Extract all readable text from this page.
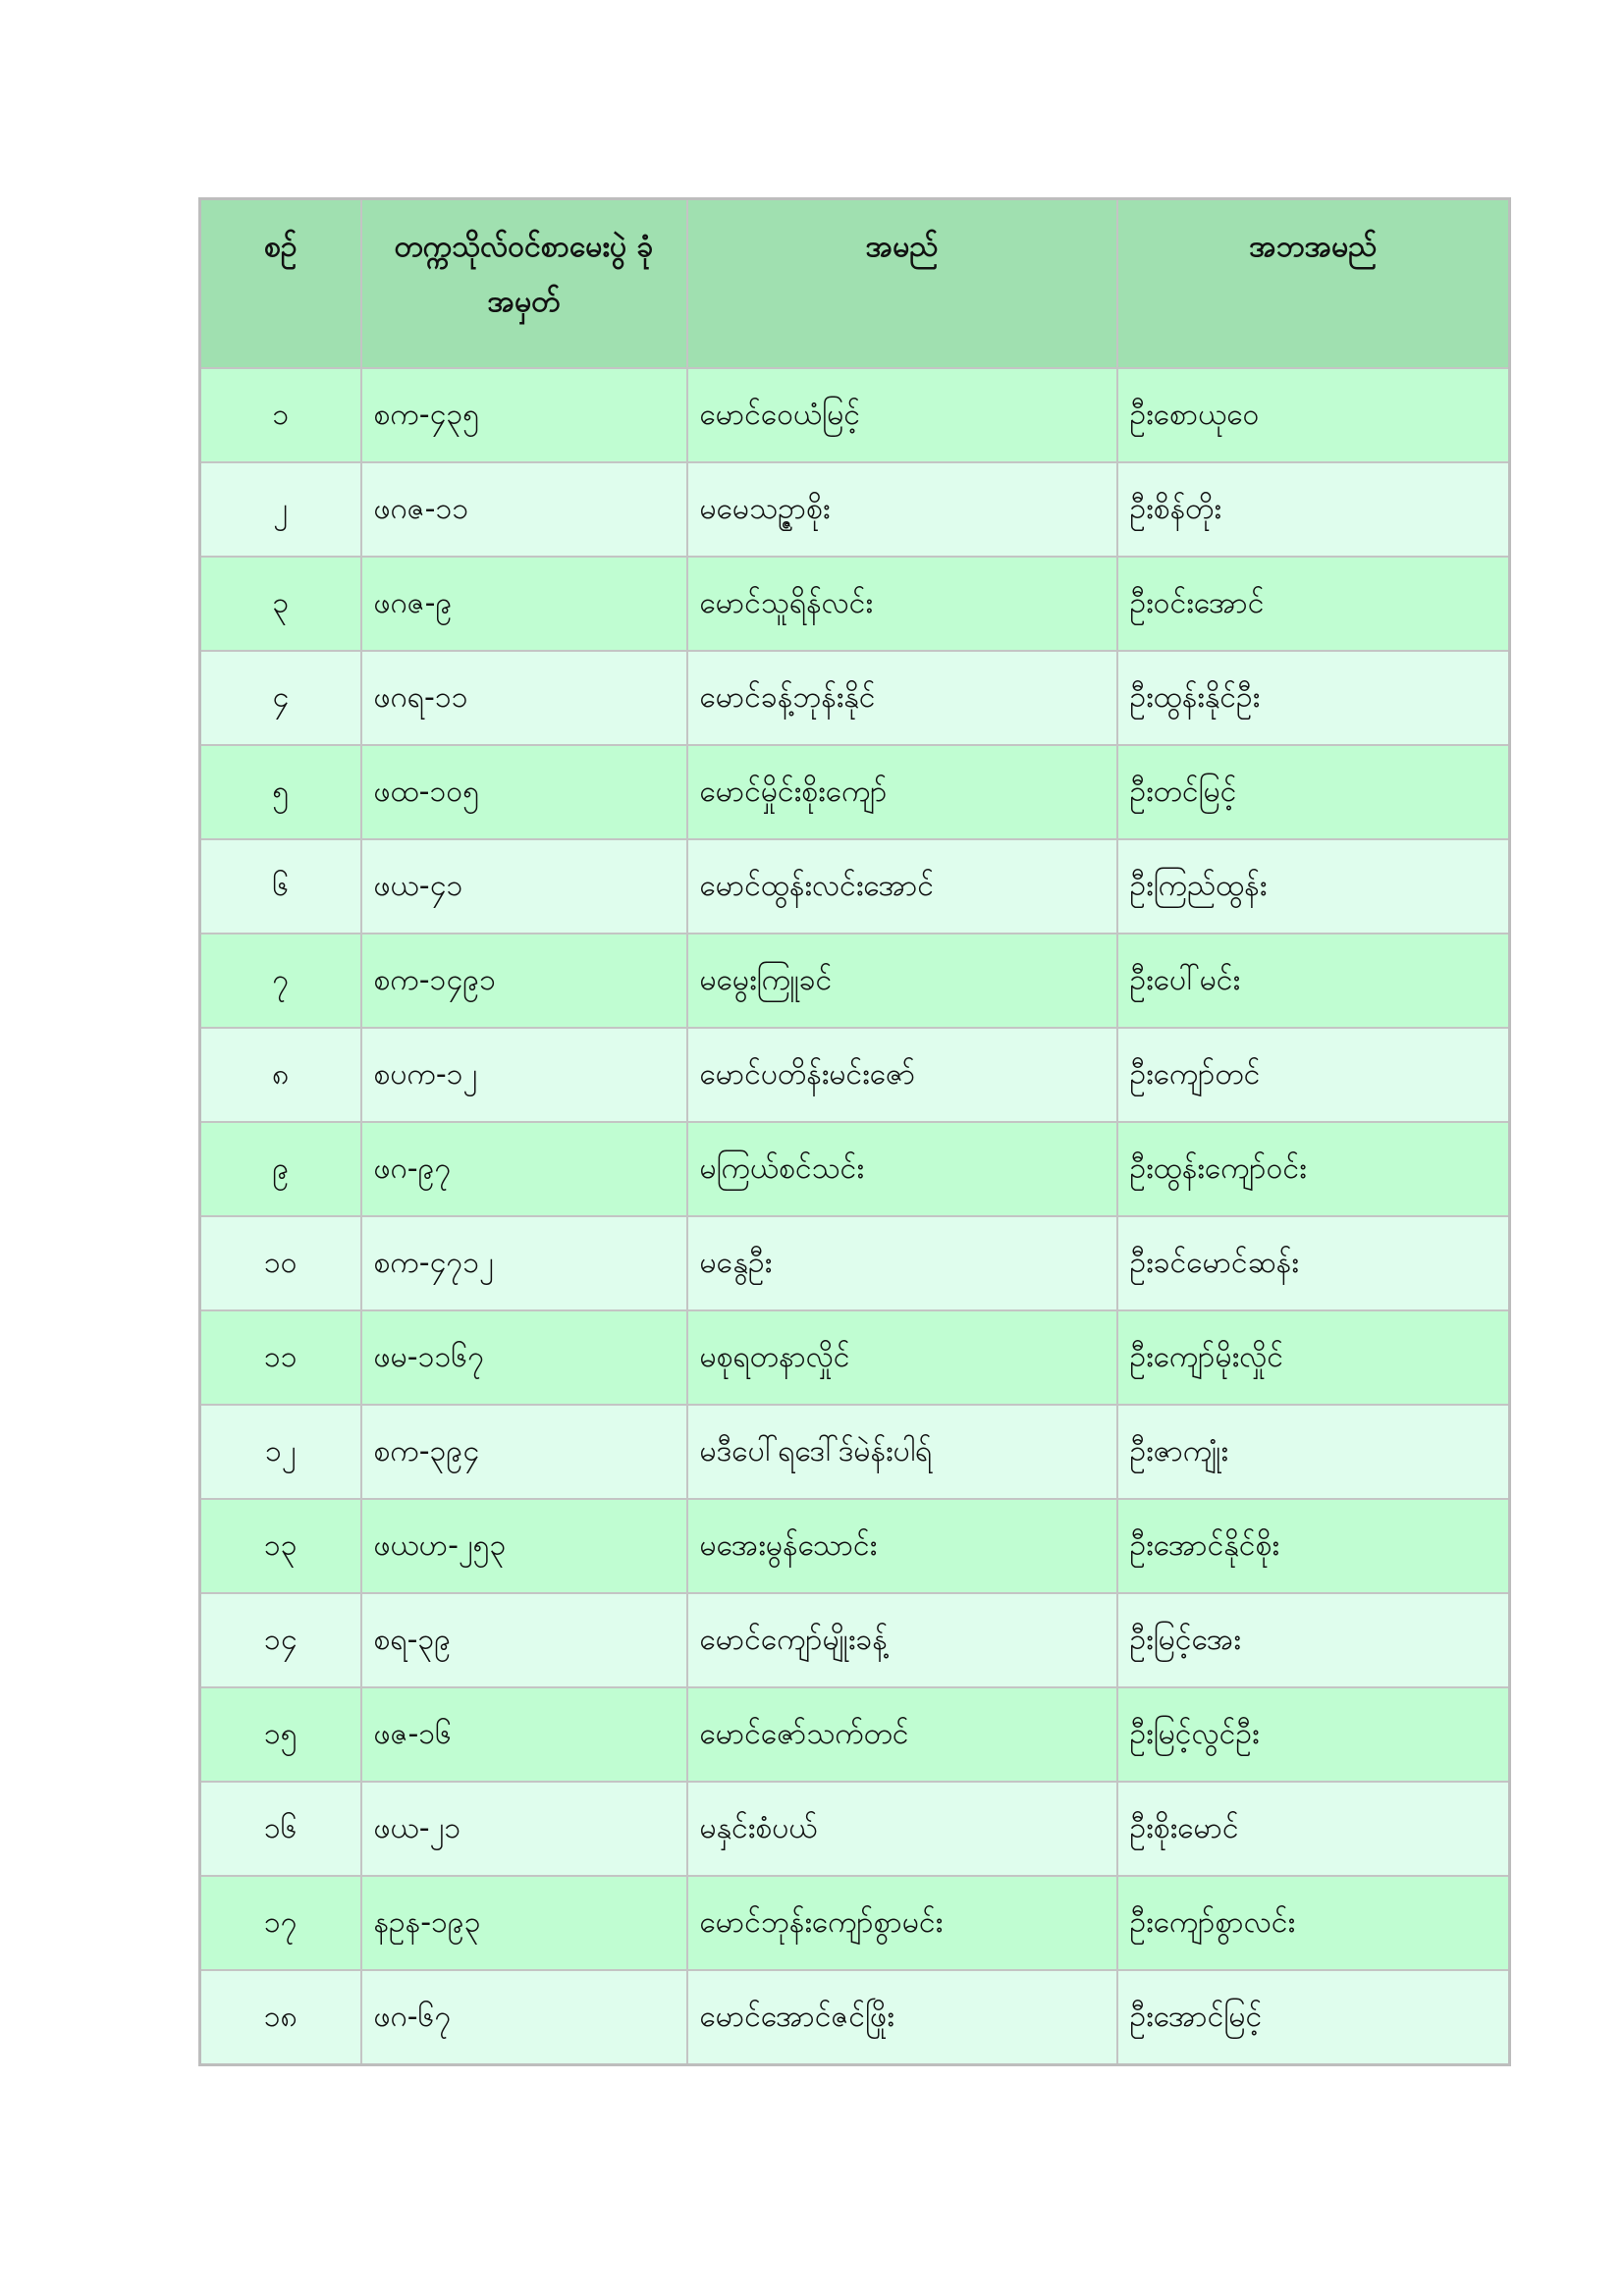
စဉ်	တက္ကသိုလ်ဝင်စာမေးပွဲ ခုံအမှတ်	အမည်	အဘအမည်
၁	စက-၄၃၅	မောင်ဝေယံမြင့်	ဦးစောယုဝေ
၂	ဖဂဇ-၁၁	မမေသဥ္ဇာစိုး	ဦးစိန်တိုး
၃	ဖဂဇ-၉	မောင်သူရိန်လင်း	ဦးဝင်းအောင်
၄	ဖဂရ-၁၁	မောင်ခန့်ဘုန်းနိုင်	ဦးထွန်းနိုင်ဦး
၅	ဖထ-၁၀၅	မောင်မှိုင်းစိုးကျော်	ဦးတင်မြင့်
၆	ဖယ-၄၁	မောင်ထွန်းလင်းအောင်	ဦးကြည်ထွန်း
၇	စက-၁၄၉၁	မမွေးကြူခင်	ဦးပေါ်မင်း
၈	စပက-၁၂	မောင်ပတိန်းမင်းဇော်	ဦးကျော်တင်
၉	ဖဂ-၉၇	မကြယ်စင်သင်း	ဦးထွန်းကျော်ဝင်း
၁၀	စက-၄၇၁၂	မနွေဦး	ဦးခင်မောင်ဆန်း
၁၁	ဖမ-၁၁၆၇	မစုရတနာလှိုင်	ဦးကျော်မိုးလှိုင်
၁၂	စက-၃၉၄	မဒီပေါ်ရဒေါ်ဒ်မဲန်းပါရ်	ဦးဇာကျုံး
၁၃	ဖယဟ-၂၅၃	မအေးမွန်သောင်း	ဦးအောင်နိုင်စိုး
၁၄	စရ-၃၉	မောင်ကျော်မျိုးခန့်	ဦးမြင့်အေး
၁၅	ဖဇ-၁၆	မောင်ဇော်သက်တင်	ဦးမြင့်လွင်ဦး
၁၆	ဖယ-၂၁	မနှင်းစံပယ်	ဦးစိုးမောင်
၁၇	နဥန-၁၉၃	မောင်ဘုန်းကျော်စွာမင်း	ဦးကျော်စွာလင်း
၁၈	ဖဂ-၆၇	မောင်အောင်ဇင်ဖြိုး	ဦးအောင်မြင့်
